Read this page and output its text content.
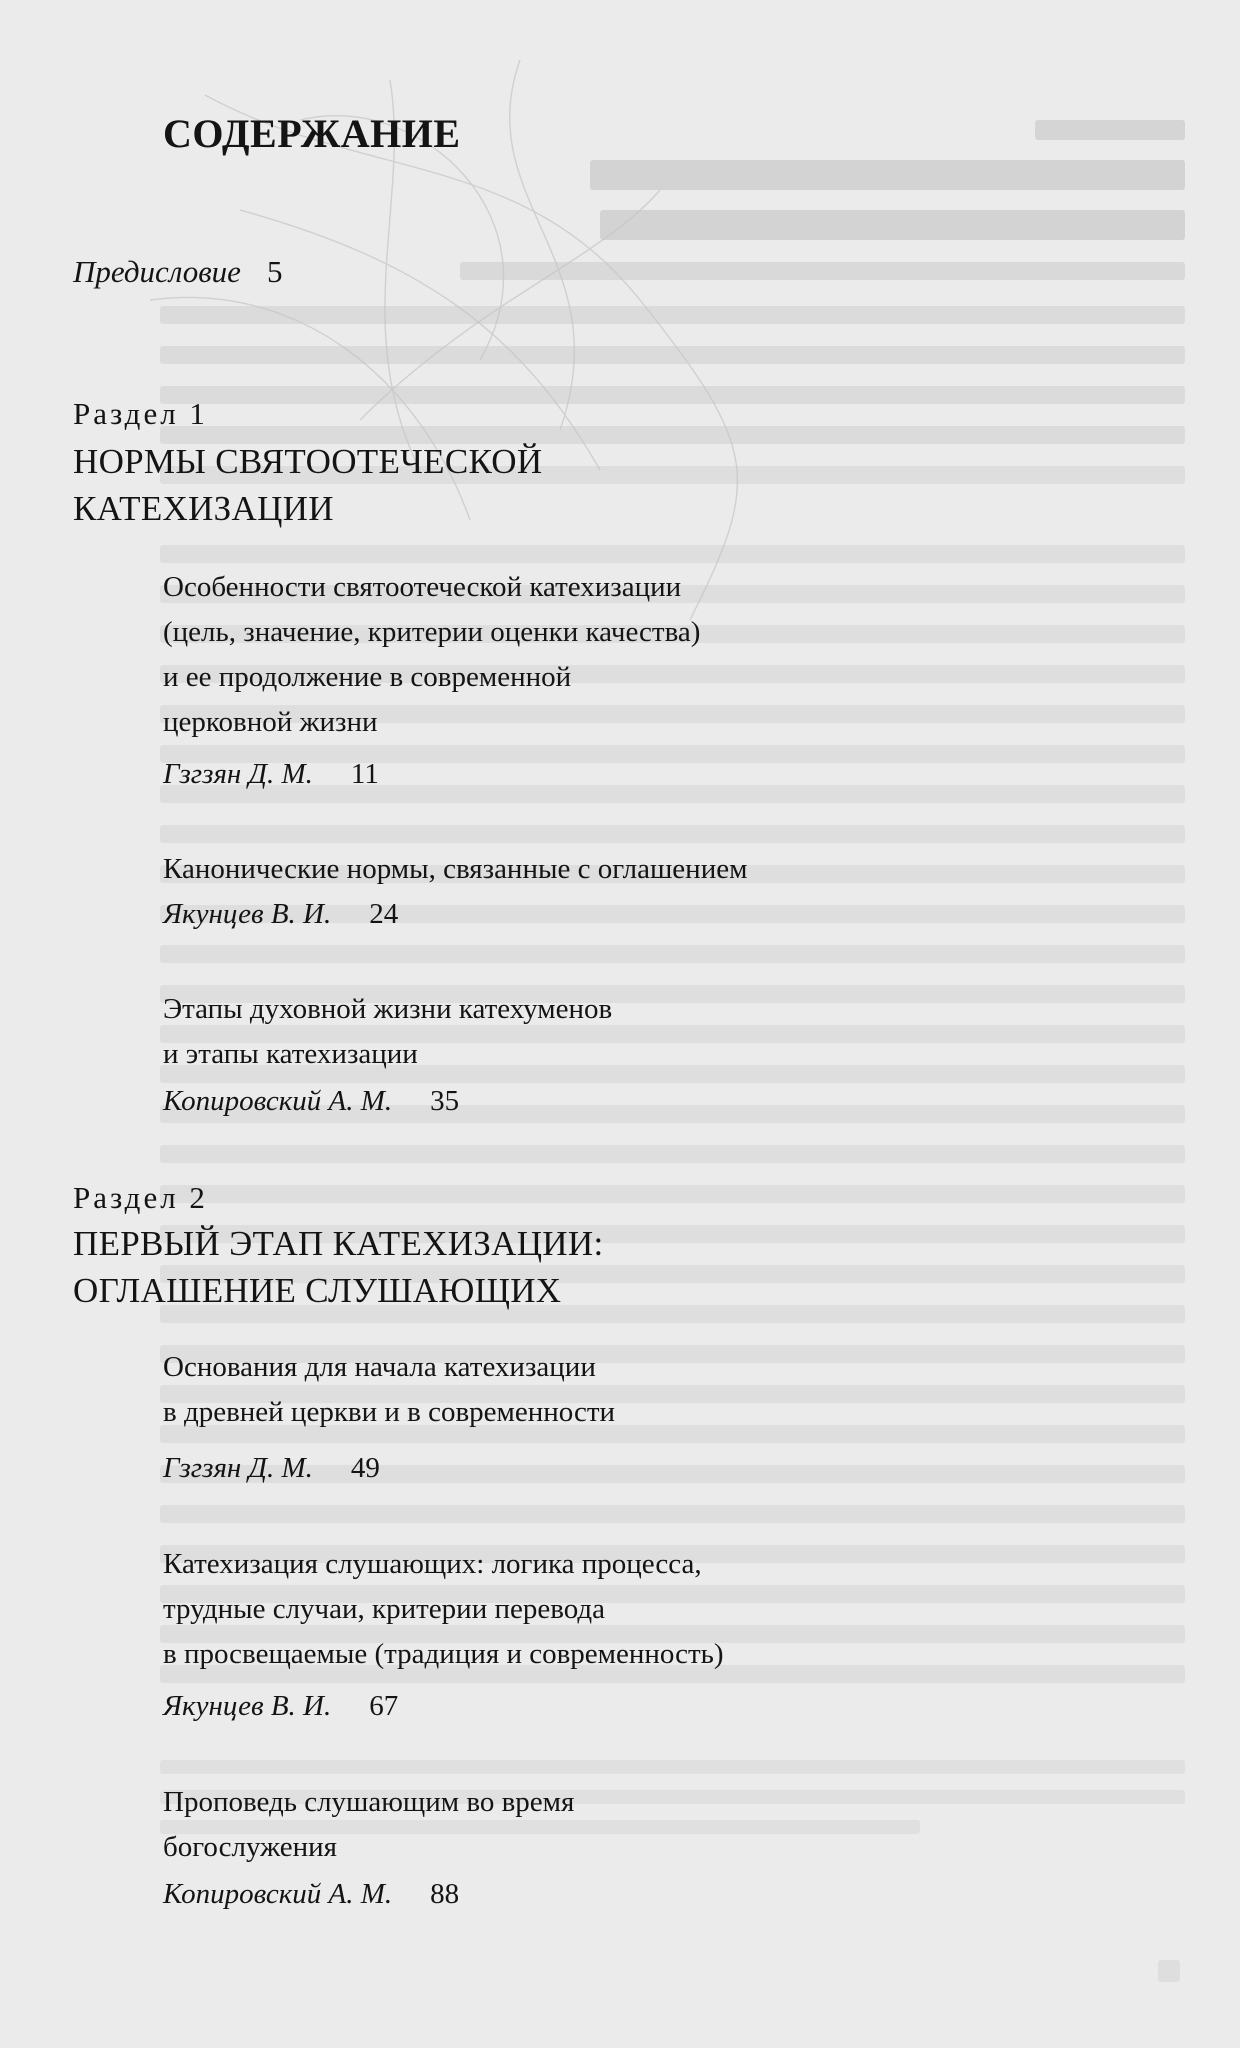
СОДЕРЖАНИЕ
Предисловие 5
Раздел 1
НОРМЫ СВЯТООТЕЧЕСКОЙ
КАТЕХИЗАЦИИ
Особенности святоотеческой катехизации
(цель, значение, критерии оценки качества)
и ее продолжение в современной
церковной жизни
Гзгзян Д. М. 11
Канонические нормы, связанные с оглашением
Якунцев В. И. 24
Этапы духовной жизни катехуменов
и этапы катехизации
Копировский А. М. 35
Раздел 2
ПЕРВЫЙ ЭТАП КАТЕХИЗАЦИИ:
ОГЛАШЕНИЕ СЛУШАЮЩИХ
Основания для начала катехизации
в древней церкви и в современности
Гзгзян Д. М. 49
Катехизация слушающих: логика процесса,
трудные случаи, критерии перевода
в просвещаемые (традиция и современность)
Якунцев В. И. 67
Проповедь слушающим во время
богослужения
Копировский А. М. 88
